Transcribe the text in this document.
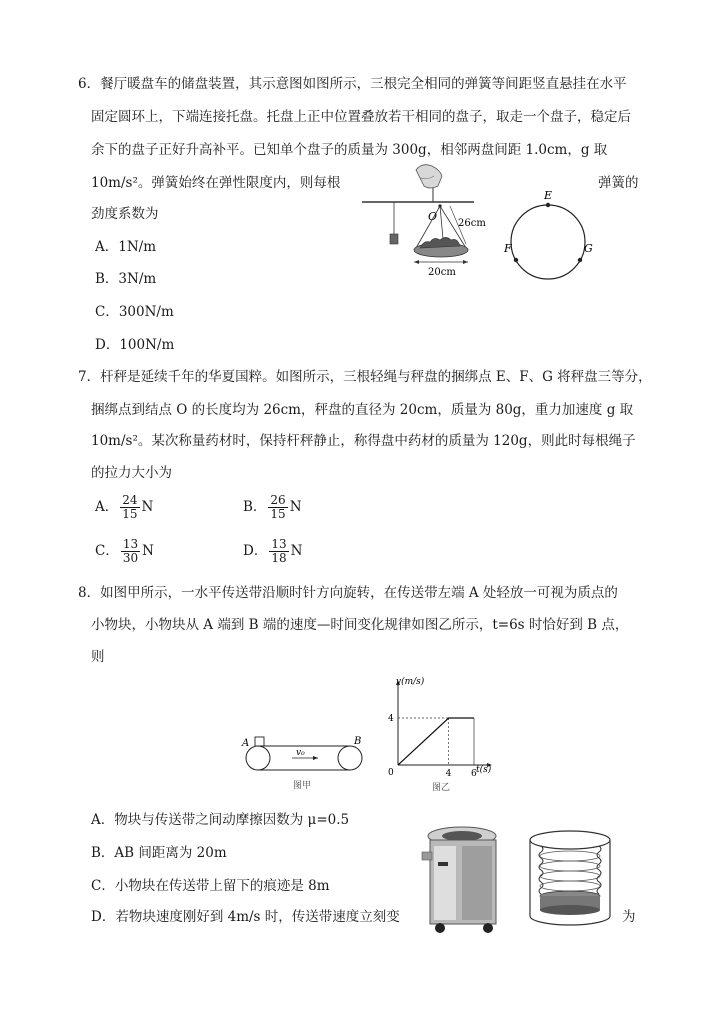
6．餐厅暖盘车的储盘装置，其示意图如图所示，三根完全相同的弹簧等间距竖直悬挂在水平
固定圆环上，下端连接托盘。托盘上正中位置叠放若干相同的盘子，取走一个盘子，稳定后
余下的盘子正好升高补平。已知单个盘子的质量为 300g，相邻两盘间距 1.0cm，g 取
10m/s²。弹簧始终在弹性限度内，则每根	弹簧的
劲度系数为
A．1N/m
B．3N/m
C．300N/m
D．100N/m
O
26cm
20cm
E
F	G
7．杆秤是延续千年的华夏国粹。如图所示，三根轻绳与秤盘的捆绑点 E、F、G 将秤盘三等分，
捆绑点到结点 O 的长度均为 26cm，秤盘的直径为 20cm，质量为 80g，重力加速度 g 取
10m/s²。某次称量药材时，保持杆秤静止，称得盘中药材的质量为 120g，则此时每根绳子
的拉力大小为
A． $\frac{24}{15}$ N	B． $\frac{26}{15}$ N
C． $\frac{13}{30}$ N	D． $\frac{13}{18}$ N
8．如图甲所示，一水平传送带沿顺时针方向旋转，在传送带左端 A 处轻放一可视为质点的
小物块，小物块从 A 端到 B 端的速度—时间变化规律如图乙所示，t=6s 时恰好到 B 点，
则
A	B
v₀
图甲
v(m/s)
t(s)
0
4
4 6
图乙
A．物块与传送带之间动摩擦因数为 μ=0.5
B．AB 间距离为 20m
C．小物块在传送带上留下的痕迹是 8m
D．若物块速度刚好到 4m/s 时，传送带速度立刻变	为
